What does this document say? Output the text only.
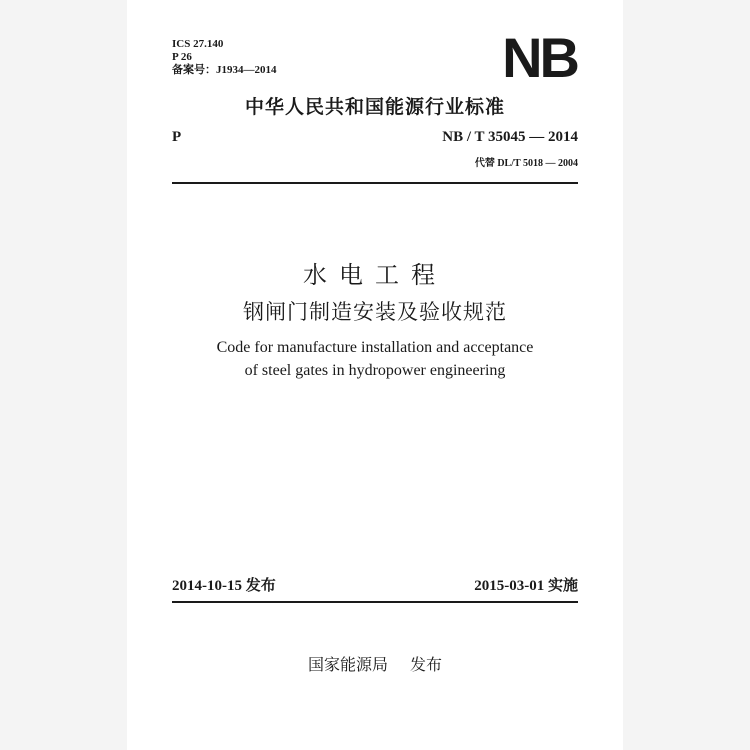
ICS 27.140
P 26
备案号：J1934—2014	NB
中华人民共和国能源行业标准
P	NB / T 35045 — 2014
代替 DL/T 5018 — 2004
水电工程
钢闸门制造安装及验收规范
Code for manufacture installation and acceptance
of steel gates in hydropower engineering
2014-10-15 发布	2015-03-01 实施
国家能源局 发布
